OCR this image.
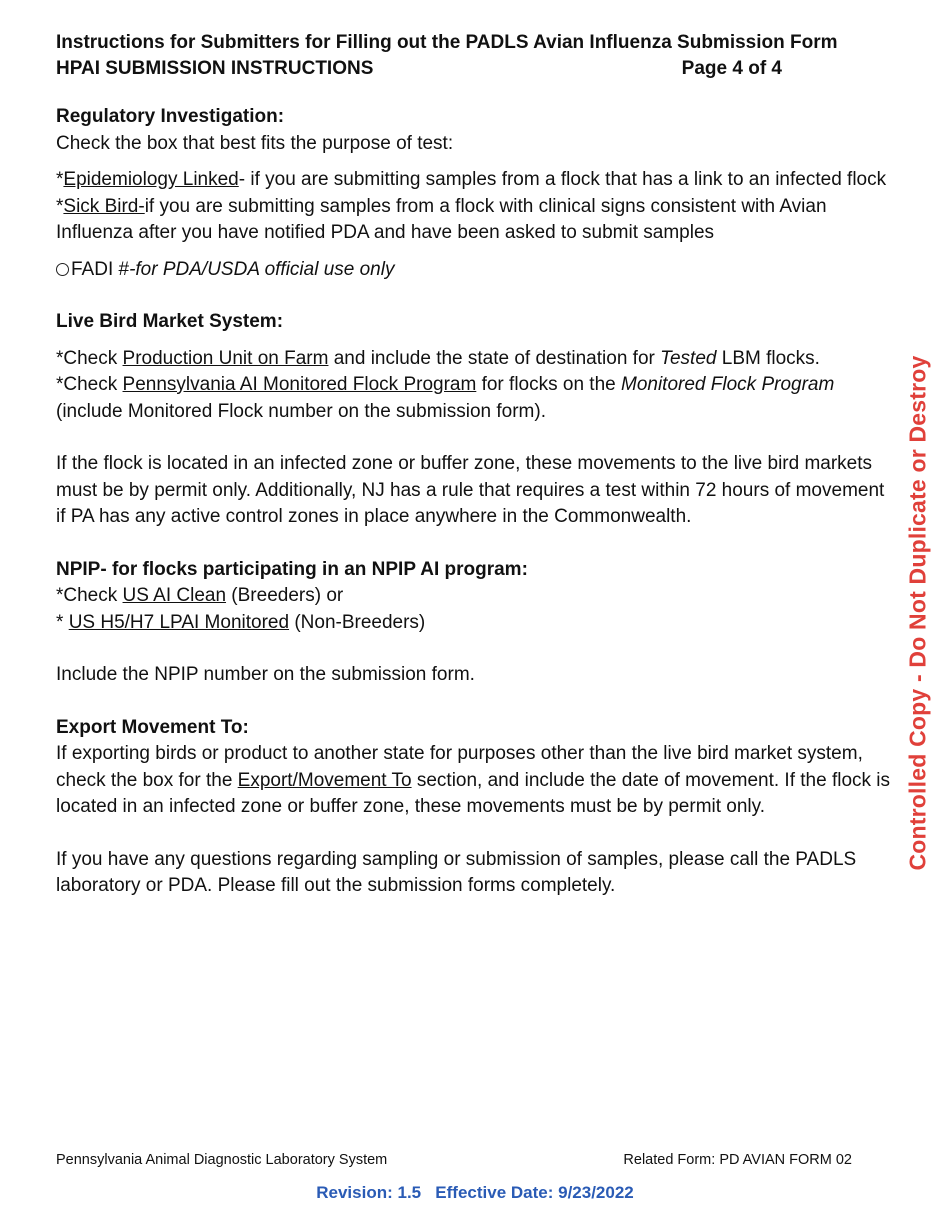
Instructions for Submitters for Filling out the PADLS Avian Influenza Submission Form
HPAI SUBMISSION INSTRUCTIONS	Page 4 of 4

Regulatory Investigation:

Check the box that best fits the purpose of test:

*Epidemiology Linked- if you are submitting samples from a flock that has a link to an infected flock

*Sick Bird-if you are submitting samples from a flock with clinical signs consistent with Avian Influenza after you have notified PDA and have been asked to submit samples

FADI #-for PDA/USDA official use only

Live Bird Market System:

*Check Production Unit on Farm and include the state of destination for Tested LBM flocks.

*Check Pennsylvania AI Monitored Flock Program for flocks on the Monitored Flock Program (include Monitored Flock number on the submission form).

If the flock is located in an infected zone or buffer zone, these movements to the live bird markets must be by permit only. Additionally, NJ has a rule that requires a test within 72 hours of movement if PA has any active control zones in place anywhere in the Commonwealth.

NPIP- for flocks participating in an NPIP AI program:

*Check US AI Clean (Breeders) or

* US H5/H7 LPAI Monitored (Non-Breeders)

Include the NPIP number on the submission form.

Export Movement To:

If exporting birds or product to another state for purposes other than the live bird market system, check the box for the Export/Movement To section, and include the date of movement. If the flock is located in an infected zone or buffer zone, these movements must be by permit only.

If you have any questions regarding sampling or submission of samples, please call the PADLS laboratory or PDA. Please fill out the submission forms completely.

Controlled Copy - Do Not Duplicate or Destroy
Pennsylvania Animal Diagnostic Laboratory System	Related Form: PD AVIAN FORM 02
Revision: 1.5 Effective Date: 9/23/2022
